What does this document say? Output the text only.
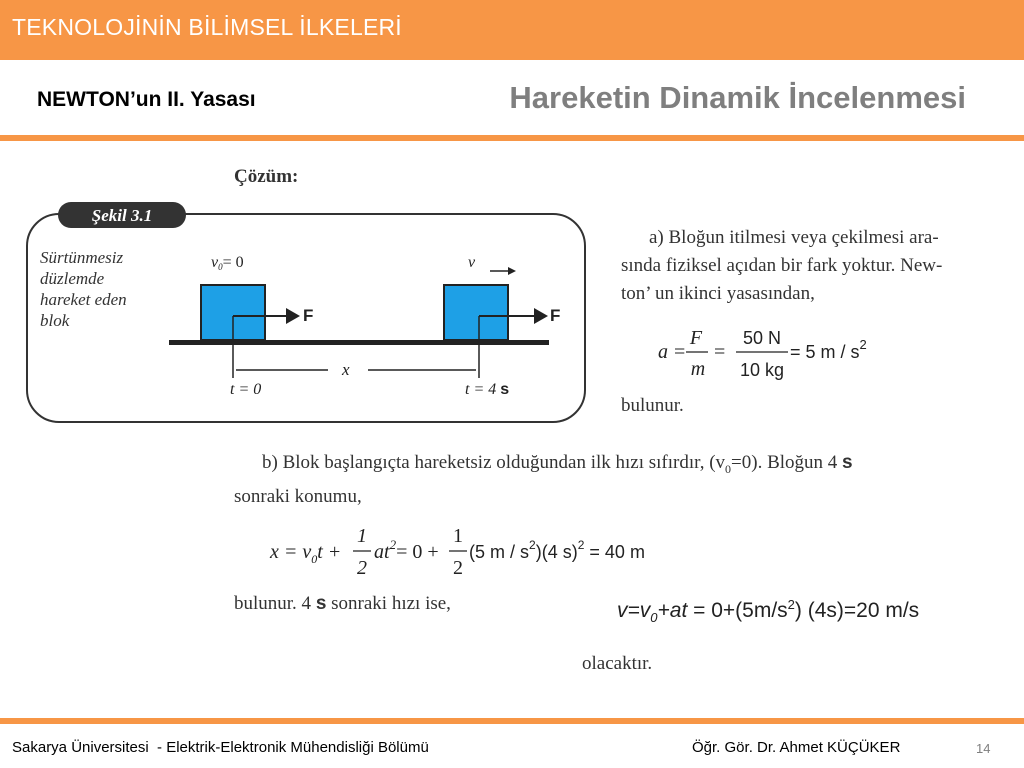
TEKNOLOJİNİN BİLİMSEL İLKELERİ
NEWTON’un II. Yasası	Hareketin Dinamik İncelenmesi
Çözüm:
Şekil 3.1
Sürtünmesiz
düzlemde
hareket eden
blok	F	F
v0= 0	v
x
t = 0	t = 4 s
a) Bloğun itilmesi veya çekilmesi ara-
sında fiziksel açıdan bir fark yoktur. New-
ton’ un ikinci yasasından,
a =
F
m
=
50 N
10 kg
= 5 m / $s^2$
bulunur.
b) Blok başlangıçta hareketsiz olduğundan ilk hızı sıfırdır, $(v_0=0)$. Bloğun 4 s
sonraki konumu,
$x = v_0t$ +
1
2
$at^2= 0$ +
1
2
(5 m / $s^2)(4$ s)$^2$ = 40 m
bulunur. 4 s sonraki hızı ise,	$v=v_0+at = 0+(5m/s^2)$ (4s)=20 m/s
olacaktır.
Sakarya Üniversitesi  - Elektrik-Elektronik Mühendisliği Bölümü	Öğr. Gör. Dr. Ahmet KÜÇÜKER	14
